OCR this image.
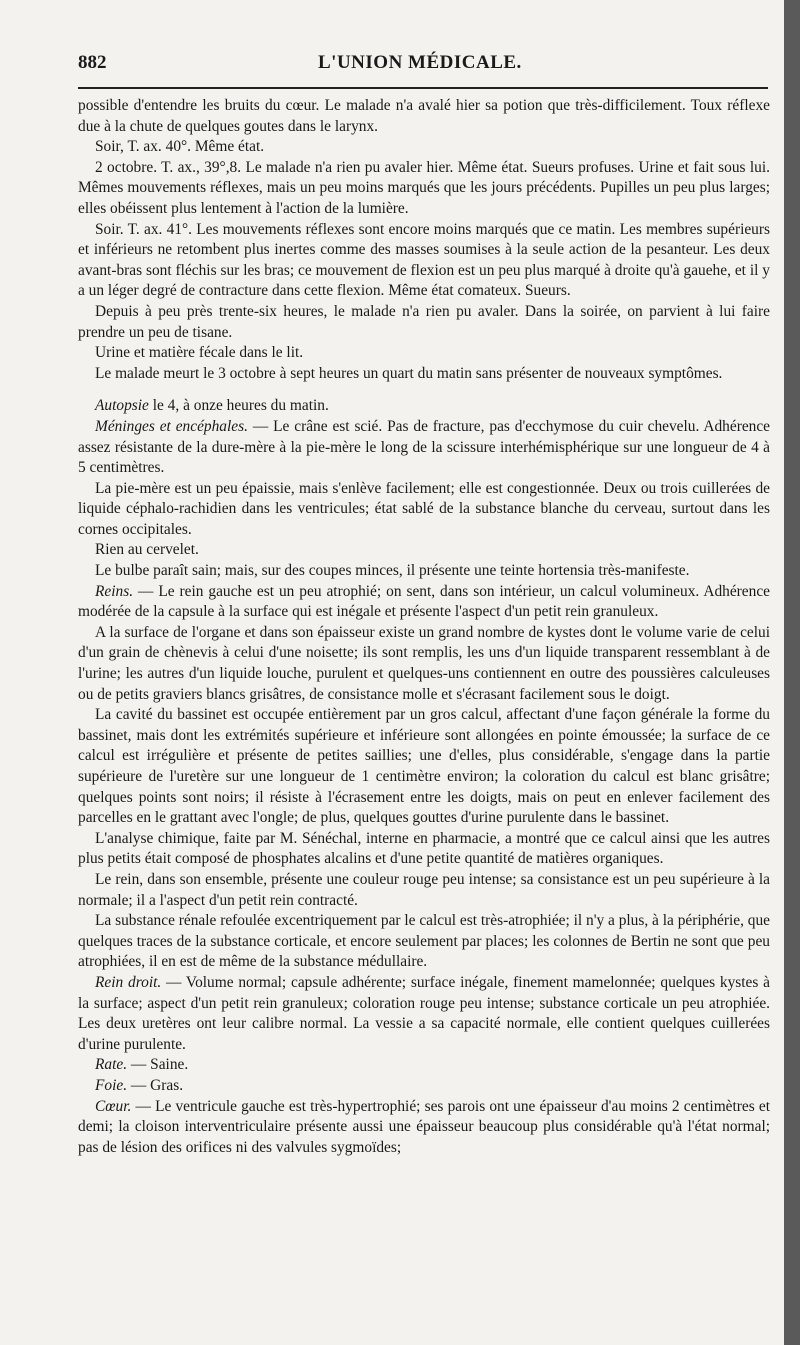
882	L'UNION MÉDICALE.

possible d'entendre les bruits du cœur. Le malade n'a avalé hier sa potion que très-difficilement. Toux réflexe due à la chute de quelques goutes dans le larynx.

Soir, T. ax. 40°. Même état.

2 octobre. T. ax., 39°,8. Le malade n'a rien pu avaler hier. Même état. Sueurs profuses. Urine et fait sous lui. Mêmes mouvements réflexes, mais un peu moins marqués que les jours précédents. Pupilles un peu plus larges; elles obéissent plus lentement à l'action de la lumière.

Soir. T. ax. 41°. Les mouvements réflexes sont encore moins marqués que ce matin. Les membres supérieurs et inférieurs ne retombent plus inertes comme des masses soumises à la seule action de la pesanteur. Les deux avant-bras sont fléchis sur les bras; ce mouvement de flexion est un peu plus marqué à droite qu'à gauehe, et il y a un léger degré de contracture dans cette flexion. Même état comateux. Sueurs.

Depuis à peu près trente-six heures, le malade n'a rien pu avaler. Dans la soirée, on parvient à lui faire prendre un peu de tisane.

Urine et matière fécale dans le lit.

Le malade meurt le 3 octobre à sept heures un quart du matin sans présenter de nouveaux symptômes.

Autopsie le 4, à onze heures du matin.

Méninges et encéphales. — Le crâne est scié. Pas de fracture, pas d'ecchymose du cuir chevelu. Adhérence assez résistante de la dure-mère à la pie-mère le long de la scissure interhémisphérique sur une longueur de 4 à 5 centimètres.

La pie-mère est un peu épaissie, mais s'enlève facilement; elle est congestionnée. Deux ou trois cuillerées de liquide céphalo-rachidien dans les ventricules; état sablé de la substance blanche du cerveau, surtout dans les cornes occipitales.

Rien au cervelet.

Le bulbe paraît sain; mais, sur des coupes minces, il présente une teinte hortensia très-manifeste.

Reins. — Le rein gauche est un peu atrophié; on sent, dans son intérieur, un calcul volumineux. Adhérence modérée de la capsule à la surface qui est inégale et présente l'aspect d'un petit rein granuleux.

A la surface de l'organe et dans son épaisseur existe un grand nombre de kystes dont le volume varie de celui d'un grain de chènevis à celui d'une noisette; ils sont remplis, les uns d'un liquide transparent ressemblant à de l'urine; les autres d'un liquide louche, purulent et quelques-uns contiennent en outre des poussières calculeuses ou de petits graviers blancs grisâtres, de consistance molle et s'écrasant facilement sous le doigt.

La cavité du bassinet est occupée entièrement par un gros calcul, affectant d'une façon générale la forme du bassinet, mais dont les extrémités supérieure et inférieure sont allongées en pointe émoussée; la surface de ce calcul est irrégulière et présente de petites saillies; une d'elles, plus considérable, s'engage dans la partie supérieure de l'uretère sur une longueur de 1 centimètre environ; la coloration du calcul est blanc grisâtre; quelques points sont noirs; il résiste à l'écrasement entre les doigts, mais on peut en enlever facilement des parcelles en le grattant avec l'ongle; de plus, quelques gouttes d'urine purulente dans le bassinet.

L'analyse chimique, faite par M. Sénéchal, interne en pharmacie, a montré que ce calcul ainsi que les autres plus petits était composé de phosphates alcalins et d'une petite quantité de matières organiques.

Le rein, dans son ensemble, présente une couleur rouge peu intense; sa consistance est un peu supérieure à la normale; il a l'aspect d'un petit rein contracté.

La substance rénale refoulée excentriquement par le calcul est très-atrophiée; il n'y a plus, à la périphérie, que quelques traces de la substance corticale, et encore seulement par places; les colonnes de Bertin ne sont que peu atrophiées, il en est de même de la substance médullaire.

Rein droit. — Volume normal; capsule adhérente; surface inégale, finement mamelonnée; quelques kystes à la surface; aspect d'un petit rein granuleux; coloration rouge peu intense; substance corticale un peu atrophiée. Les deux uretères ont leur calibre normal. La vessie a sa capacité normale, elle contient quelques cuillerées d'urine purulente.

Rate. — Saine.

Foie. — Gras.

Cœur. — Le ventricule gauche est très-hypertrophié; ses parois ont une épaisseur d'au moins 2 centimètres et demi; la cloison interventriculaire présente aussi une épaisseur beaucoup plus considérable qu'à l'état normal; pas de lésion des orifices ni des valvules sygmoïdes;
